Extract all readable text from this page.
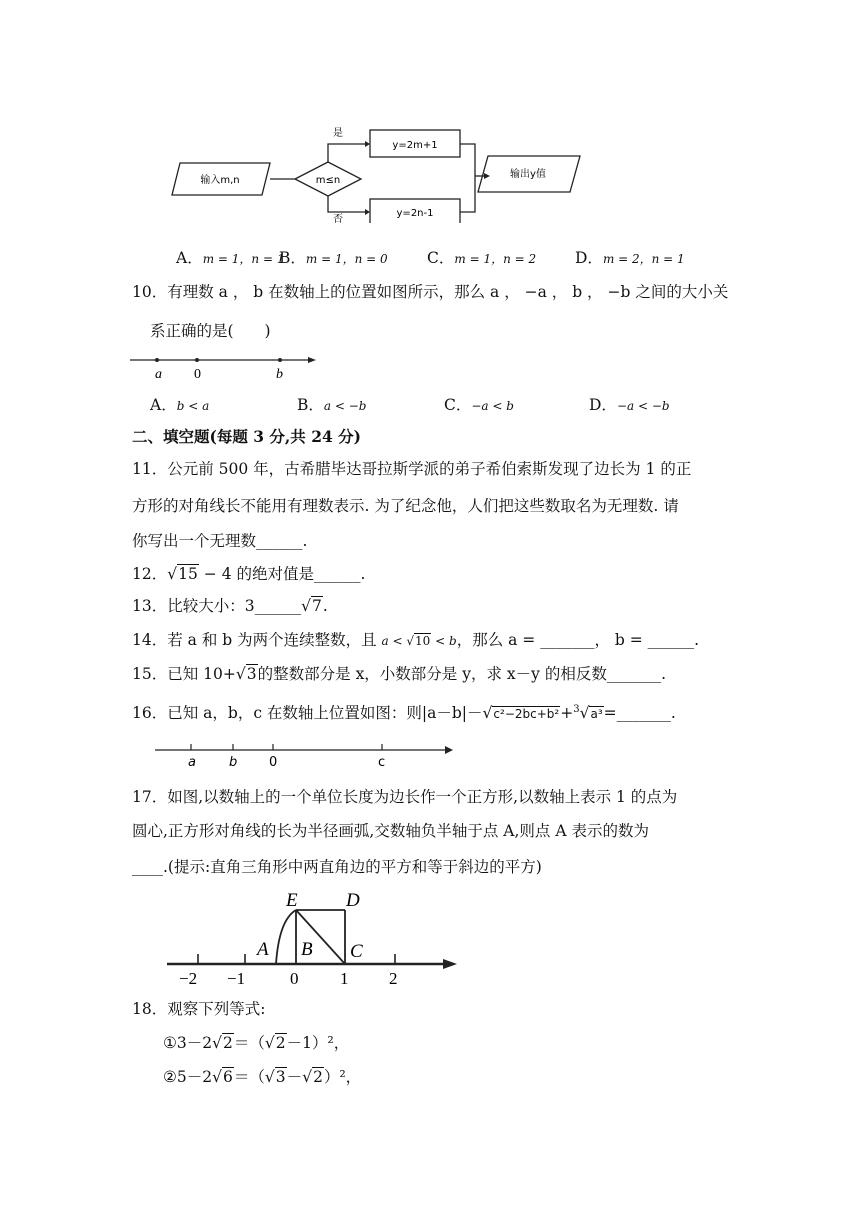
输入m,n	m≤n
是
否
y=2m+1
y=2n-1
输出y值
A．m = 1，n = 1B．m = 1，n = 0	C．m = 1，n = 2	D．m = 2，n = 1
10．有理数 a ， b 在数轴上的位置如图所示，那么 a ， −a ， b ， −b 之间的大小关
系正确的是(　　)
a 0	b
A．b < a	B．a < −b	C．−a < b	D．−a < −b
二、填空题(每题 3 分,共 24 分)
11．公元前 500 年，古希腊毕达哥拉斯学派的弟子希伯索斯发现了边长为 1 的正
方形的对角线长不能用有理数表示. 为了纪念他，人们把这些数取名为无理数. 请
你写出一个无理数______.
12．√15 − 4 的绝对值是______.
13．比较大小：3______√7.
14．若 a 和 b 为两个连续整数，且 a < √10 < b，那么 a = _______， b = ______.
15．已知 10+√3的整数部分是 x，小数部分是 y，求 x－y 的相反数_______.
16．已知 a，b，c 在数轴上位置如图：则|a－b|－√c²−2bc+b²+$^3$√a³=_______.
a	b 0	c
17．如图,以数轴上的一个单位长度为边长作一个正方形,以数轴上表示 1 的点为
圆心,正方形对角线的长为半径画弧,交数轴负半轴于点 A,则点 A 表示的数为
____.(提示:直角三角形中两直角边的平方和等于斜边的平方)
E	D
A B C
−2 −1	0 1 2
18．观察下列等式:
①3－2√2＝（√2－1）²，
②5－2√6＝（√3－√2）²，
